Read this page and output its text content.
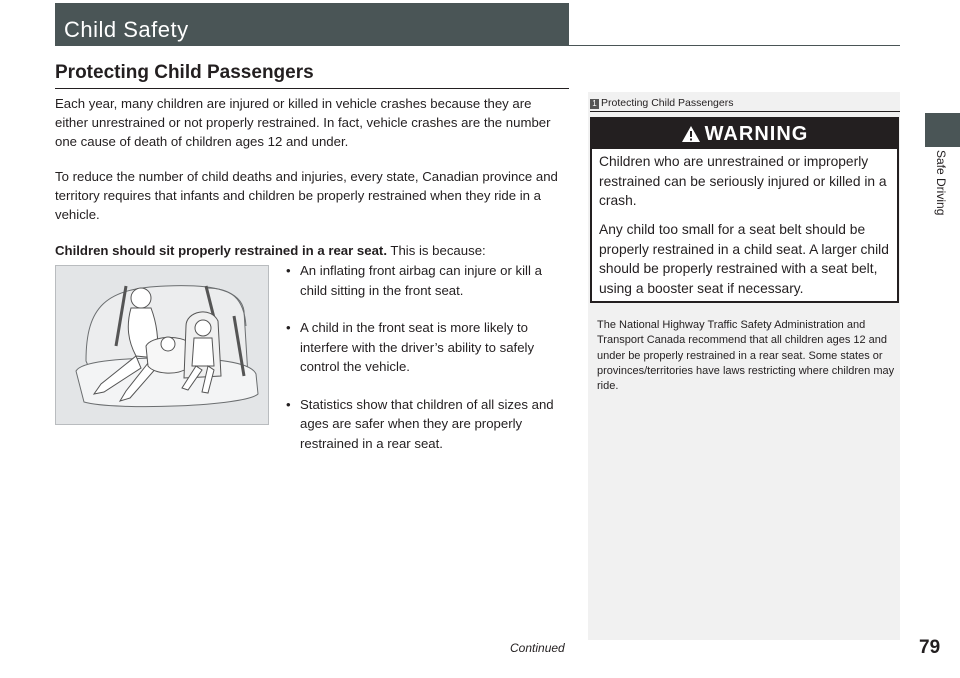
Child Safety
Safe Driving
Protecting Child Passengers

Each year, many children are injured or killed in vehicle crashes because they are either unrestrained or not properly restrained. In fact, vehicle crashes are the number one cause of death of children ages 12 and under.

To reduce the number of child deaths and injuries, every state, Canadian province and territory requires that infants and children be properly restrained when they ride in a vehicle.

Children should sit properly restrained in a rear seat. This is because:

• An inflating front airbag can injure or kill a child sitting in the front seat.
• A child in the front seat is more likely to interfere with the driver’s ability to safely control the vehicle.
• Statistics show that children of all sizes and ages are safer when they are properly restrained in a rear seat.

1 Protecting Child Passengers

WARNING

Children who are unrestrained or improperly restrained can be seriously injured or killed in a crash.

Any child too small for a seat belt should be properly restrained in a child seat. A larger child should be properly restrained with a seat belt, using a booster seat if necessary.

The National Highway Traffic Safety Administration and Transport Canada recommend that all children ages 12 and under be properly restrained in a rear seat. Some states or provinces/territories have laws restricting where children may ride.

Continued	79
